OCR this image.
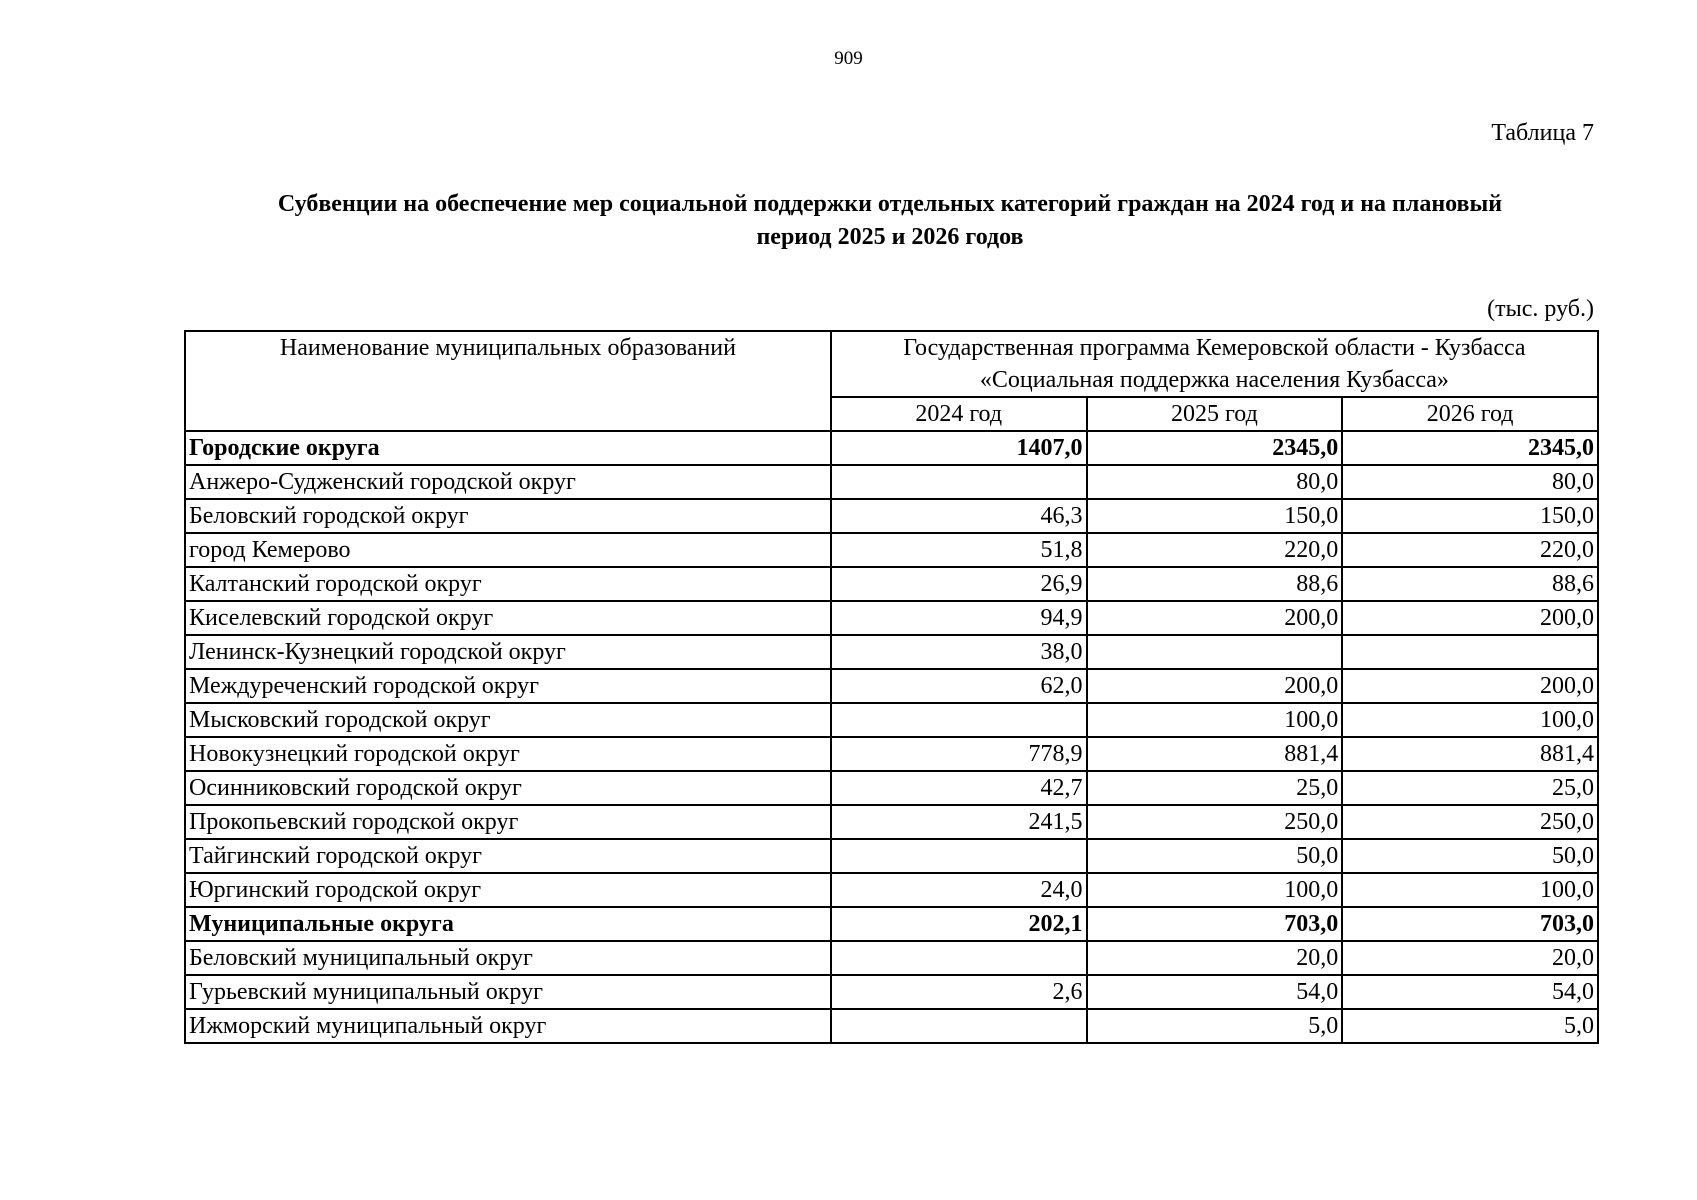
909
Таблица 7
Субвенции на обеспечение мер социальной поддержки отдельных категорий граждан на 2024 год и на плановый
период 2025 и 2026 годов
(тыс. руб.)
Наименование муниципальных образований	Государственная программа Кемеровской области - Кузбасса
«Социальная поддержка населения Кузбасса»		

	2024 год	2025 год	2026 год
Городские округа	1407,0	2345,0	2345,0
Анжеро-Судженский городской округ		80,0	80,0
Беловский городской округ	46,3	150,0	150,0
город Кемерово	51,8	220,0	220,0
Калтанский городской округ	26,9	88,6	88,6
Киселевский городской округ	94,9	200,0	200,0
Ленинск-Кузнецкий городской округ	38,0		
Междуреченский городской округ	62,0	200,0	200,0
Мысковский городской округ		100,0	100,0
Новокузнецкий городской округ	778,9	881,4	881,4
Осинниковский городской округ	42,7	25,0	25,0
Прокопьевский городской округ	241,5	250,0	250,0
Тайгинский городской округ		50,0	50,0
Юргинский городской округ	24,0	100,0	100,0
Муниципальные округа	202,1	703,0	703,0
Беловский муниципальный округ		20,0	20,0
Гурьевский муниципальный округ	2,6	54,0	54,0
Ижморский муниципальный округ		5,0	5,0
